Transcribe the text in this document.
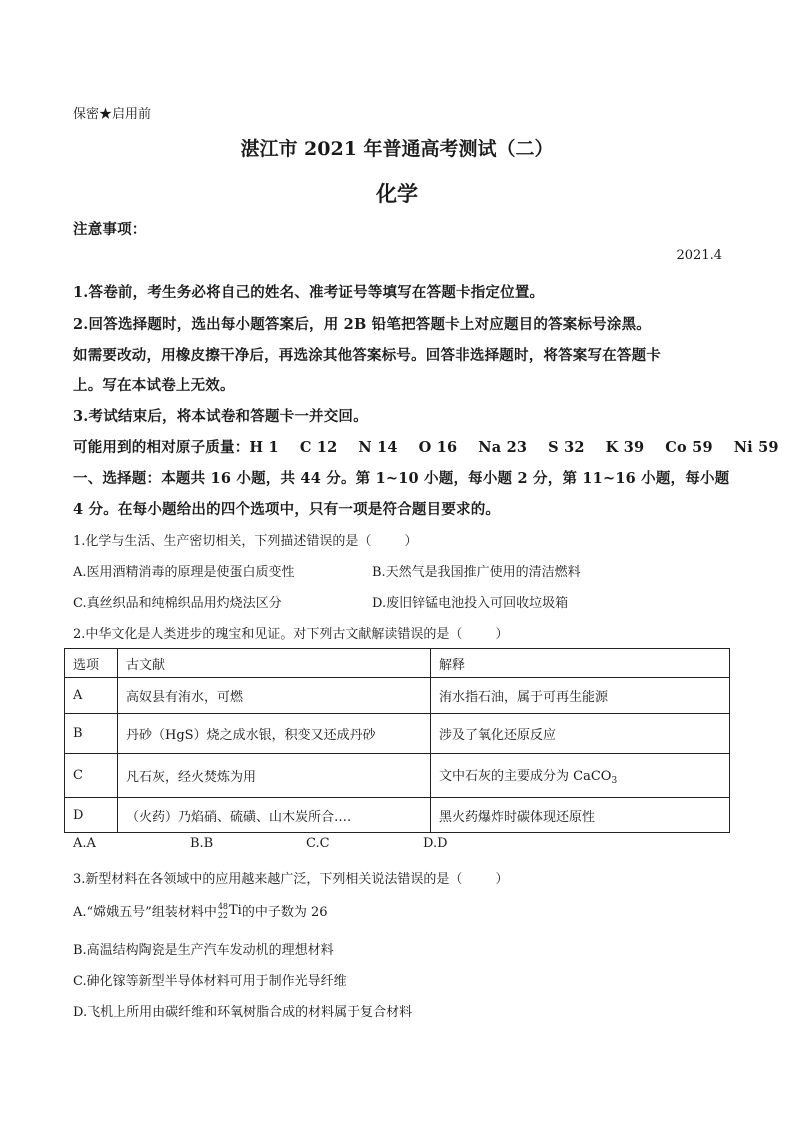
保密★启用前
湛江市 2021 年普通高考测试（二）
化学
注意事项：
2021.4
1.答卷前，考生务必将自己的姓名、准考证号等填写在答题卡指定位置。
2.回答选择题时，选出每小题答案后，用 2B 铅笔把答题卡上对应题目的答案标号涂黑。
如需要改动，用橡皮擦干净后，再选涂其他答案标号。回答非选择题时，将答案写在答题卡
上。写在本试卷上无效。
3.考试结束后，将本试卷和答题卡一并交回。
可能用到的相对原子质量：H 1    C 12    N 14    O 16    Na 23    S 32    K 39    Co 59    Ni 59
一、选择题：本题共 16 小题，共 44 分。第 1~10 小题，每小题 2 分，第 11~16 小题，每小题
4 分。在每小题给出的四个选项中，只有一项是符合题目要求的。
1.化学与生活、生产密切相关，下列描述错误的是（        ）
A.医用酒精消毒的原理是使蛋白质变性	B.天然气是我国推广使用的清洁燃料
C.真丝织品和纯棉织品用灼烧法区分	D.废旧锌锰电池投入可回收垃圾箱
2.中华文化是人类进步的瑰宝和见证。对下列古文献解读错误的是（        ）
选项	古文献	解释
A	高奴县有洧水，可燃	洧水指石油，属于可再生能源
B	丹砂（HgS）烧之成水银，积变又还成丹砂	涉及了氧化还原反应
C	凡石灰，经火焚炼为用	文中石灰的主要成分为 CaCO$_3$
D	（火药）乃焰硝、硫磺、山木炭所合….	黑火药爆炸时碳体现还原性
A.A	B.B	C.C	D.D
3.新型材料在各领域中的应用越来越广泛，下列相关说法错误的是（        ）
A.“嫦娥五号”组装材料中 48
22 Ti 的中子数为 26
B.高温结构陶瓷是生产汽车发动机的理想材料
C.砷化镓等新型半导体材料可用于制作光导纤维
D.飞机上所用由碳纤维和环氧树脂合成的材料属于复合材料
